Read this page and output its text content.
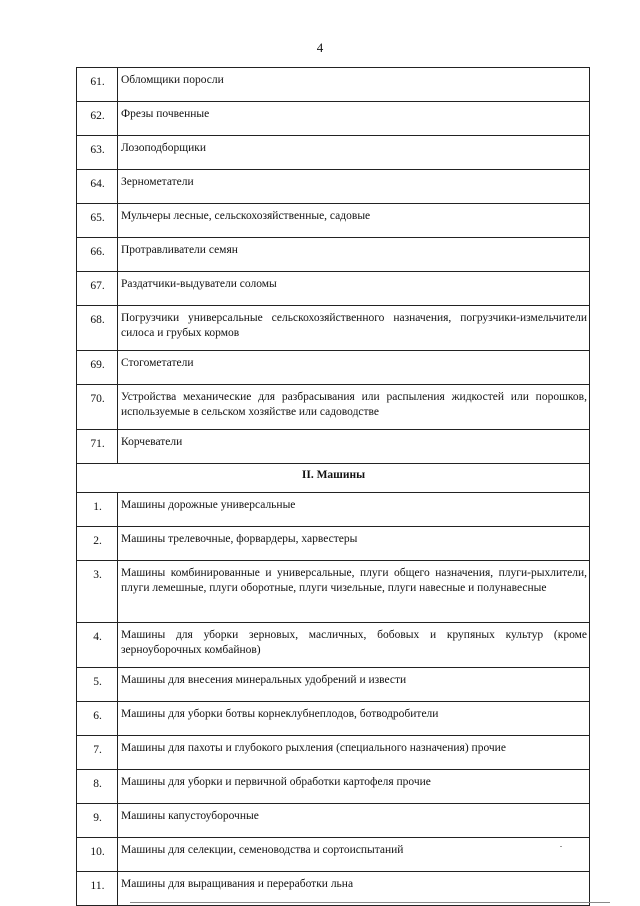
4
61.	Обломщики поросли
62.	Фрезы почвенные
63.	Лозоподборщики
64.	Зернометатели
65.	Мульчеры лесные, сельскохозяйственные, садовые
66.	Протравливатели семян
67.	Раздатчики-выдуватели соломы
68.	Погрузчики универсальные сельскохозяйственного назначения, погрузчики-измельчители силоса и грубых кормов
69.	Стогометатели
70.	Устройства механические для разбрасывания или распыления жидкостей или порошков, используемые в сельском хозяйстве или садоводстве
71.	Корчеватели
II. Машины	
1.	Машины дорожные универсальные
2.	Машины трелевочные, форвардеры, харвестеры
3.	Машины комбинированные и универсальные, плуги общего назначения, плуги-рыхлители, плуги лемешные, плуги оборотные, плуги чизельные, плуги навесные и полунавесные
4.	Машины для уборки зерновых, масличных, бобовых и крупяных культур (кроме зерноуборочных комбайнов)
5.	Машины для внесения минеральных удобрений и извести
6.	Машины для уборки ботвы корнеклубнеплодов, ботводробители
7.	Машины для пахоты и глубокого рыхления (специального назначения) прочие
8.	Машины для уборки и первичной обработки картофеля прочие
9.	Машины капустоуборочные
10.	Машины для селекции, семеноводства и сортоиспытаний
11.	Машины для выращивания и переработки льна
